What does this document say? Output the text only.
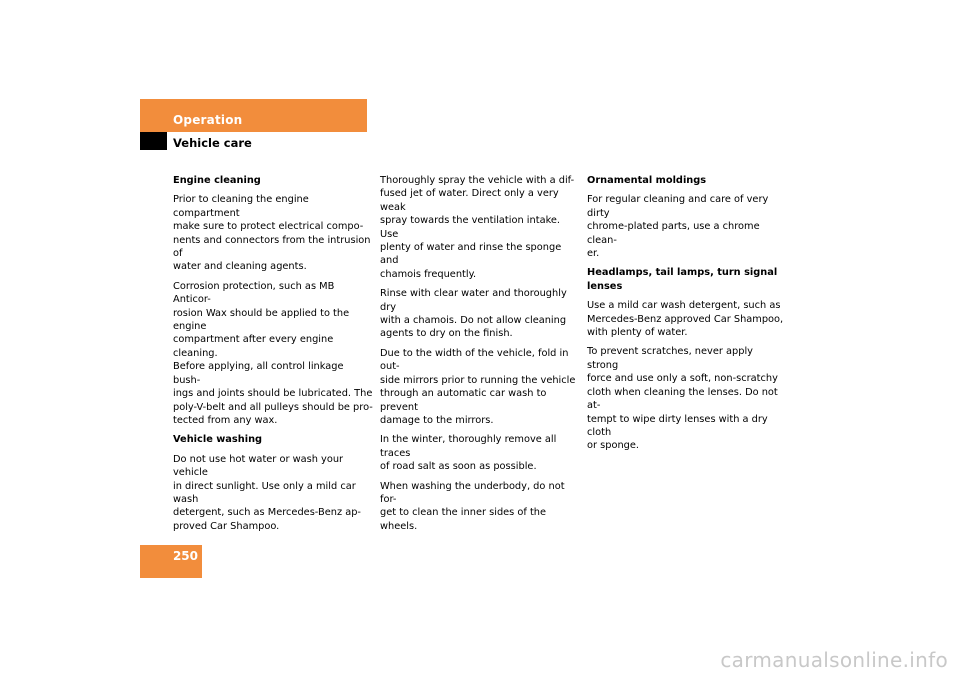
Operation
Vehicle care
Engine cleaning

Prior to cleaning the engine compartment
make sure to protect electrical compo-
nents and connectors from the intrusion of
water and cleaning agents.

Corrosion protection, such as MB Anticor-
rosion Wax should be applied to the engine
compartment after every engine cleaning.
Before applying, all control linkage bush-
ings and joints should be lubricated. The
poly-V-belt and all pulleys should be pro-
tected from any wax.

Vehicle washing

Do not use hot water or wash your vehicle
in direct sunlight. Use only a mild car wash
detergent, such as Mercedes-Benz ap-
proved Car Shampoo.

Thoroughly spray the vehicle with a dif-
fused jet of water. Direct only a very weak
spray towards the ventilation intake. Use
plenty of water and rinse the sponge and
chamois frequently.

Rinse with clear water and thoroughly dry
with a chamois. Do not allow cleaning
agents to dry on the finish.

Due to the width of the vehicle, fold in out-
side mirrors prior to running the vehicle
through an automatic car wash to prevent
damage to the mirrors.

In the winter, thoroughly remove all traces
of road salt as soon as possible.

When washing the underbody, do not for-
get to clean the inner sides of the wheels.

Ornamental moldings

For regular cleaning and care of very dirty
chrome-plated parts, use a chrome clean-
er.

Headlamps, tail lamps, turn signal
lenses

Use a mild car wash detergent, such as
Mercedes-Benz approved Car Shampoo,
with plenty of water.

To prevent scratches, never apply strong
force and use only a soft, non-scratchy
cloth when cleaning the lenses. Do not at-
tempt to wipe dirty lenses with a dry cloth
or sponge.

250
carmanualsonline.info
